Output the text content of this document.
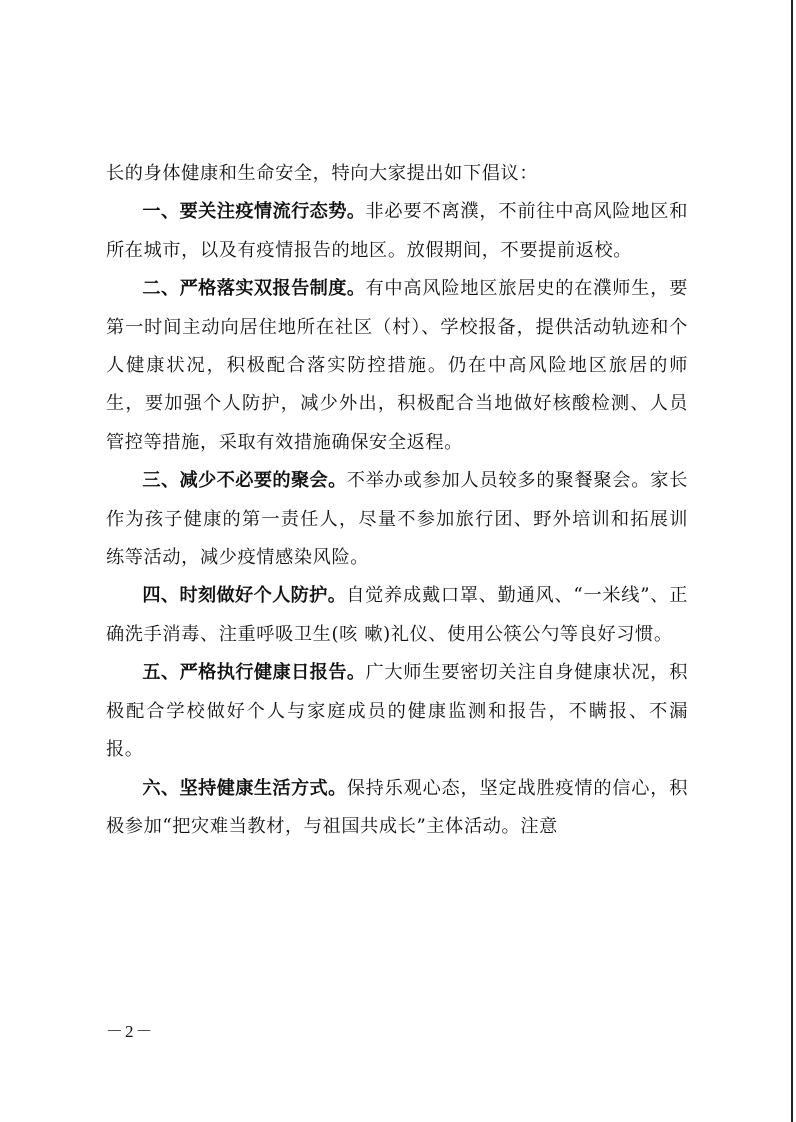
长的身体健康和生命安全，特向大家提出如下倡议：

一、要关注疫情流行态势。非必要不离濮，不前往中高风险地区和所在城市，以及有疫情报告的地区。放假期间，不要提前返校。

二、严格落实双报告制度。有中高风险地区旅居史的在濮师生，要第一时间主动向居住地所在社区（村）、学校报备，提供活动轨迹和个人健康状况，积极配合落实防控措施。仍在中高风险地区旅居的师生，要加强个人防护，减少外出，积极配合当地做好核酸检测、人员管控等措施，采取有效措施确保安全返程。

三、减少不必要的聚会。不举办或参加人员较多的聚餐聚会。家长作为孩子健康的第一责任人，尽量不参加旅行团、野外培训和拓展训练等活动，减少疫情感染风险。

四、时刻做好个人防护。自觉养成戴口罩、勤通风、“一米线”、正确洗手消毒、注重呼吸卫生(咳 嗽)礼仪、使用公筷公勺等良好习惯。

五、严格执行健康日报告。广大师生要密切关注自身健康状况，积极配合学校做好个人与家庭成员的健康监测和报告，不瞒报、不漏报。

六、坚持健康生活方式。保持乐观心态，坚定战胜疫情的信心，积极参加“把灾难当教材，与祖国共成长”主体活动。注意

－2－
